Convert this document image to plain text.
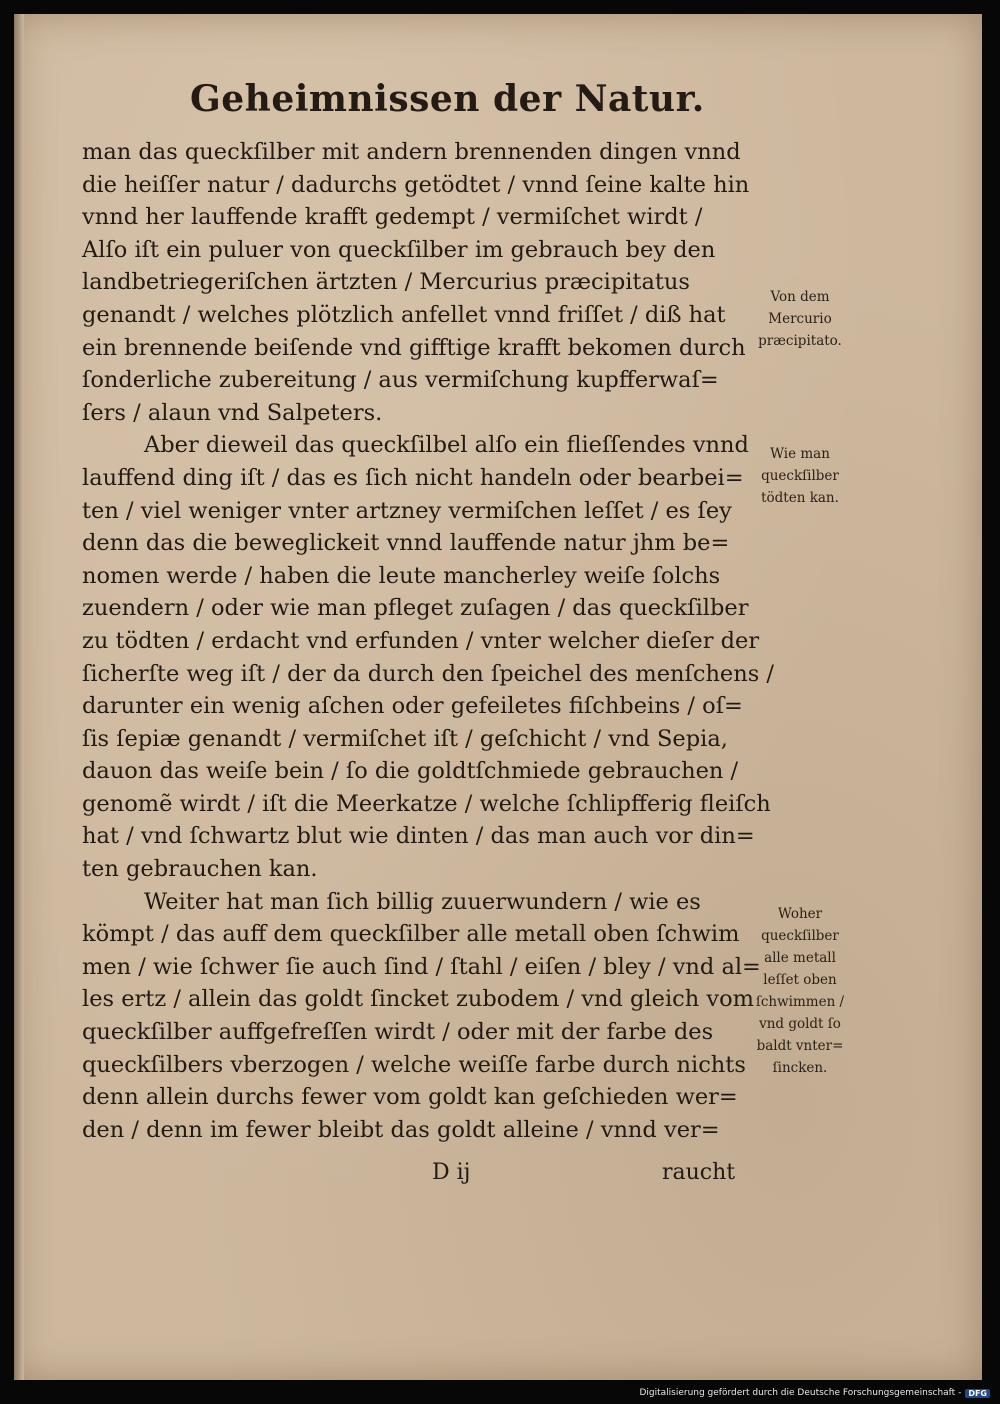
Geheimnissen der Natur.
man das queckſilber mit andern brennenden dingen vnnd
die heiſſer natur / dadurchs getödtet / vnnd ſeine kalte hin
vnnd her lauffende krafft gedempt / vermiſchet wirdt /
Alſo iſt ein puluer von queckſilber im gebrauch bey den
landbetriegeriſchen ärtzten / Mercurius præcipitatus
genandt / welches plötzlich anfellet vnnd friſſet / diß hat
ein brennende beiſende vnd gifftige krafft bekomen durch
ſonderliche zubereitung / aus vermiſchung kupfferwaſ=
ſers / alaun vnd Salpeters.
Aber dieweil das queckſilbel alſo ein flieſſendes vnnd
lauffend ding iſt / das es ſich nicht handeln oder bearbei=
ten / viel weniger vnter artzney vermiſchen leſſet / es ſey
denn das die beweglickeit vnnd lauffende natur jhm be=
nomen werde / haben die leute mancherley weiſe ſolchs
zuendern / oder wie man pfleget zuſagen / das queckſilber
zu tödten / erdacht vnd erfunden / vnter welcher dieſer der
ſicherſte weg iſt / der da durch den ſpeichel des menſchens /
darunter ein wenig aſchen oder gefeiletes fiſchbeins / oſ=
ſis ſepiæ genandt / vermiſchet iſt / geſchicht / vnd Sepia,
dauon das weiſe bein / ſo die goldtſchmiede gebrauchen /
genomẽ wirdt / iſt die Meerkatze / welche ſchlipfferig fleiſch
hat / vnd ſchwartz blut wie dinten / das man auch vor din=
ten gebrauchen kan.
Weiter hat man ſich billig zuuerwundern / wie es
kömpt / das auff dem queckſilber alle metall oben ſchwim
men / wie ſchwer ſie auch ſind / ſtahl / eiſen / bley / vnd al=
les ertz / allein das goldt ſincket zubodem / vnd gleich vom
queckſilber auffgefreſſen wirdt / oder mit der farbe des
queckſilbers vberzogen / welche weiſſe farbe durch nichts
denn allein durchs fewer vom goldt kan geſchieden wer=
den / denn im fewer bleibt das goldt alleine / vnnd ver=
Von dem
Mercurio
præcipitato.
Wie man
queckſilber
tödten kan.
Woher
queckſilber
alle metall
leſſet oben
ſchwimmen /
vnd goldt ſo
baldt vnter=
ſincken.
D ij	raucht
Digitalisierung gefördert durch die Deutsche Forschungsgemeinschaft - DFG
